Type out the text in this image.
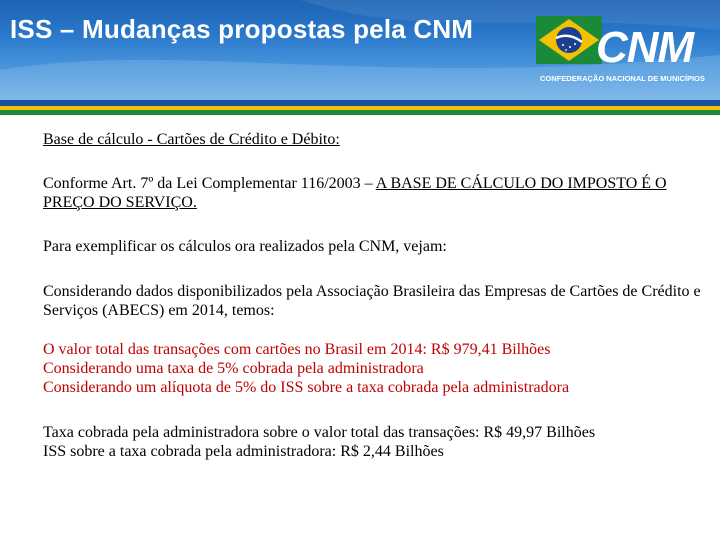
ISS – Mudanças propostas pela CNM	CNM
CONFEDERAÇÃO NACIONAL DE MUNICÍPIOS

Base de cálculo - Cartões de Crédito e Débito:

Conforme Art. 7º da Lei Complementar 116/2003 – A BASE DE CÁLCULO DO IMPOSTO É O PREÇO DO SERVIÇO.

Para exemplificar os cálculos ora realizados pela CNM, vejam:

Considerando dados disponibilizados pela Associação Brasileira das Empresas de Cartões de Crédito e Serviços (ABECS) em 2014, temos:

O valor total das transações com cartões no Brasil em 2014: R$ 979,41 Bilhões

Considerando uma taxa de 5% cobrada pela administradora

Considerando um alíquota de 5% do ISS sobre a taxa cobrada pela administradora

Taxa cobrada pela administradora sobre o valor total das transações: R$ 49,97 Bilhões

ISS sobre a taxa cobrada pela administradora: R$ 2,44 Bilhões
